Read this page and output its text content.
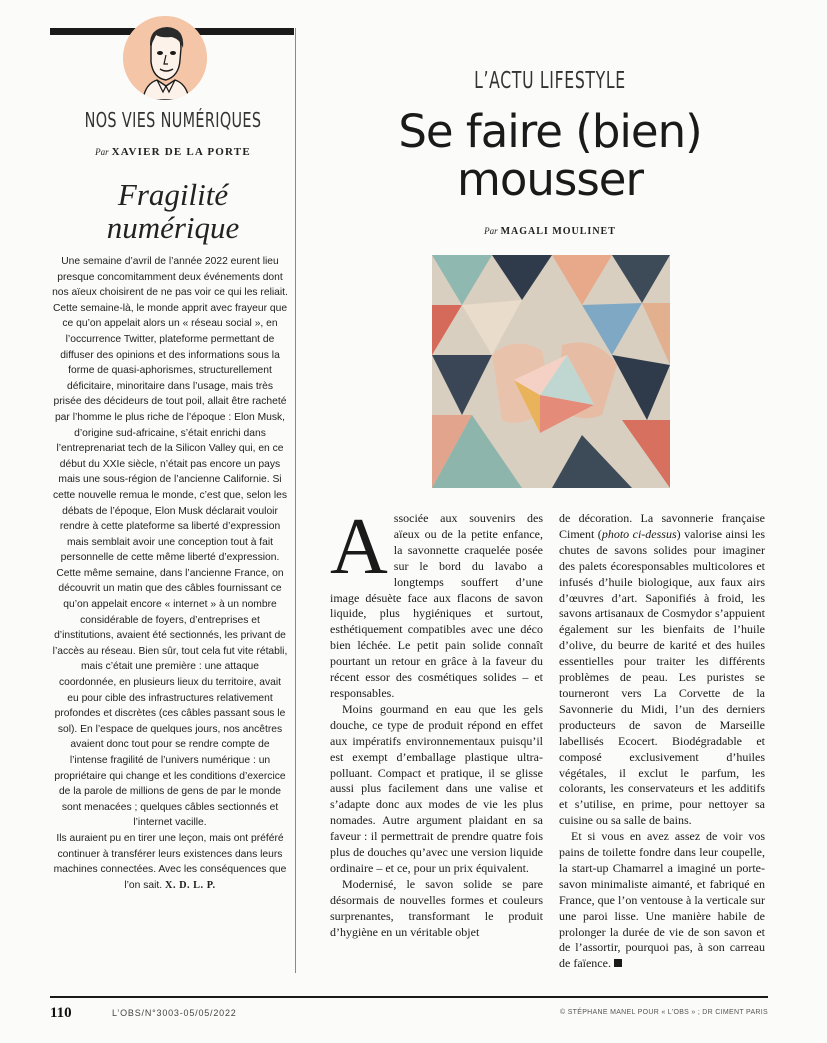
NOS VIES NUMÉRIQUES
Par XAVIER DE LA PORTE
Fragilité
numérique

Une semaine d’avril de l’année 2022 eurent lieu presque concomitamment deux événements dont nos aïeux choisirent de ne pas voir ce qui les reliait. Cette semaine-là, le monde apprit avec frayeur que ce qu’on appelait alors un « réseau social », en l’occurrence Twitter, plateforme permettant de diffuser des opinions et des informations sous la forme de quasi-aphorismes, structurellement déficitaire, minoritaire dans l’usage, mais très prisée des décideurs de tout poil, allait être racheté par l’homme le plus riche de l’époque : Elon Musk, d’origine sud-africaine, s’était enrichi dans l’entreprenariat tech de la Silicon Valley qui, en ce début du XXIe siècle, n’était pas encore un pays mais une sous-région de l’ancienne Californie. Si cette nouvelle remua le monde, c’est que, selon les débats de l’époque, Elon Musk déclarait vouloir rendre à cette plateforme sa liberté d’expression mais semblait avoir une conception tout à fait personnelle de cette même liberté d’expression.

Cette même semaine, dans l’ancienne France, on découvrit un matin que des câbles fournissant ce qu’on appelait encore « internet » à un nombre considérable de foyers, d’entreprises et d’institutions, avaient été sectionnés, les privant de l’accès au réseau. Bien sûr, tout cela fut vite rétabli, mais c’était une première : une attaque coordonnée, en plusieurs lieux du territoire, avait eu pour cible des infrastructures relativement profondes et discrètes (ces câbles passant sous le sol). En l’espace de quelques jours, nos ancêtres avaient donc tout pour se rendre compte de l’intense fragilité de l’univers numérique : un propriétaire qui change et les conditions d’exercice de la parole de millions de gens de par le monde sont menacées ; quelques câbles sectionnés et l’internet vacille.

Ils auraient pu en tirer une leçon, mais ont préféré continuer à transférer leurs existences dans leurs machines connectées. Avec les conséquences que l’on sait. X. D. L. P.

L’ACTU LIFESTYLE
Se faire (bien)
mousser
Par MAGALI MOULINET

Associée aux souvenirs des aïeux ou de la petite enfance, la savonnette craquelée posée sur le bord du lavabo a longtemps souffert d’une image désuète face aux flacons de savon liquide, plus hygiéniques et surtout, esthétiquement compatibles avec une déco bien léchée. Le petit pain solide connaît pourtant un retour en grâce à la faveur du récent essor des cosmétiques solides – et responsables.

Moins gourmand en eau que les gels douche, ce type de produit répond en effet aux impératifs environnementaux puisqu’il est exempt d’emballage plastique ultra-polluant. Compact et pratique, il se glisse aussi plus facilement dans une valise et s’adapte donc aux modes de vie les plus nomades. Autre argument plaidant en sa faveur : il permettrait de prendre quatre fois plus de douches qu’avec une version liquide ordinaire – et ce, pour un prix équivalent.

Modernisé, le savon solide se pare désormais de nouvelles formes et couleurs surprenantes, transformant le produit d’hygiène en un véritable objet

de décoration. La savonnerie française Ciment (photo ci-dessus) valorise ainsi les chutes de savons solides pour imaginer des palets écoresponsables multicolores et infusés d’huile biologique, aux faux airs d’œuvres d’art. Saponifiés à froid, les savons artisanaux de Cosmydor s’appuient également sur les bienfaits de l’huile d’olive, du beurre de karité et des huiles essentielles pour traiter les différents problèmes de peau. Les puristes se tourneront vers La Corvette de la Savonnerie du Midi, l’un des derniers producteurs de savon de Marseille labellisés Ecocert. Biodégradable et composé exclusivement d’huiles végétales, il exclut le parfum, les colorants, les conservateurs et les additifs et s’utilise, en prime, pour nettoyer sa cuisine ou sa salle de bains.

Et si vous en avez assez de voir vos pains de toilette fondre dans leur coupelle, la start-up Chamarrel a imaginé un porte-savon minimaliste aimanté, et fabriqué en France, que l’on ventouse à la verticale sur une paroi lisse. Une manière habile de prolonger la durée de vie de son savon et de l’assortir, pourquoi pas, à son carreau de faïence.

110	L’OBS/N°3003-05/05/2022	© STÉPHANE MANEL POUR « L’OBS » ; DR CIMENT PARIS
